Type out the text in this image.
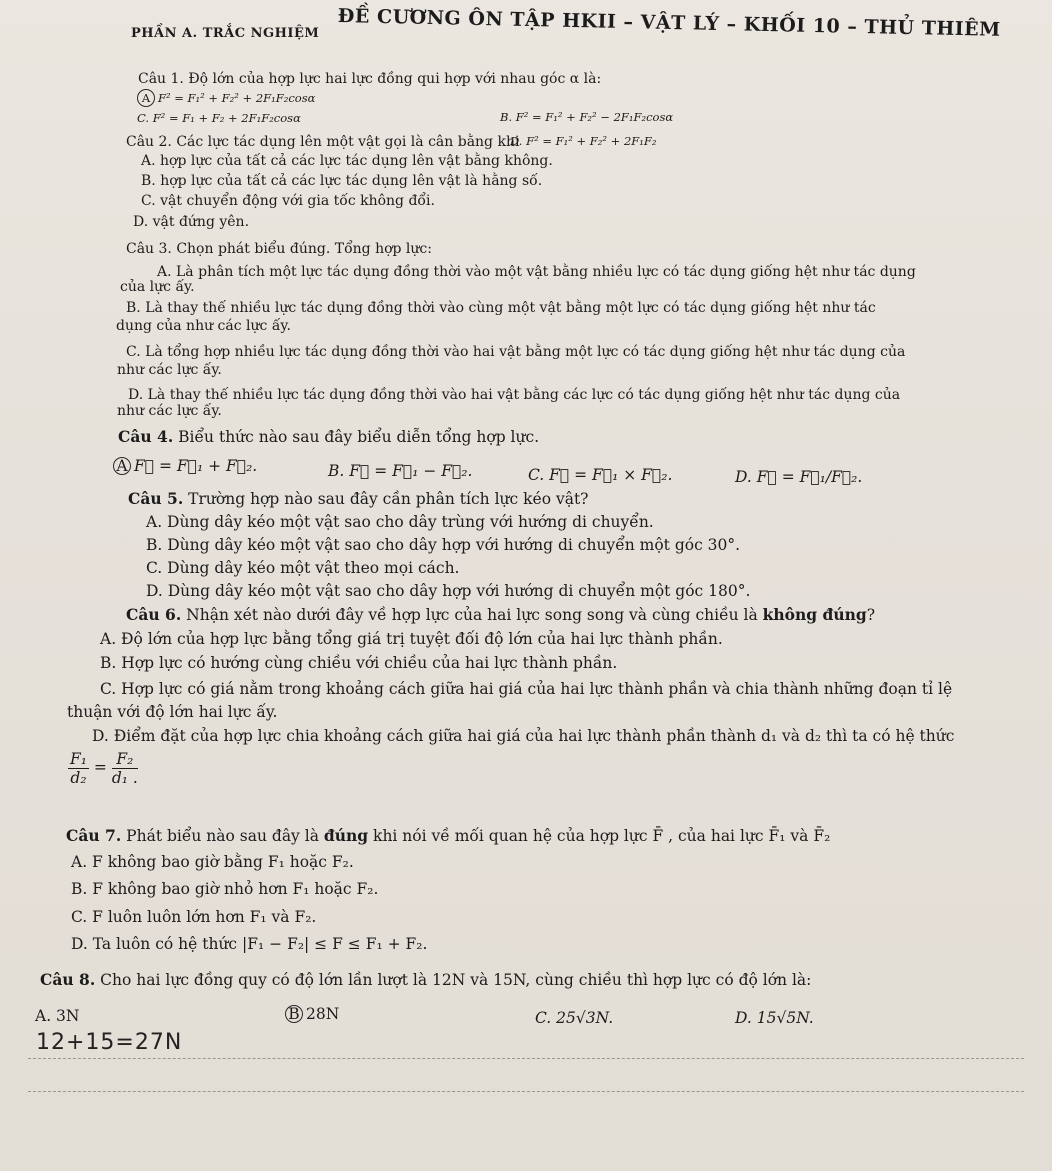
PHẦN A. TRẮC NGHIỆM ĐỀ CƯƠNG ÔN TẬP HKII – VẬT LÝ – KHỐI 10 – THỦ THIÊM
Câu 1. Độ lớn của hợp lực hai lực đồng qui hợp với nhau góc α là:
A F² = F₁² + F₂² + 2F₁F₂cosα
B. F² = F₁² + F₂² − 2F₁F₂cosα
C. F² = F₁ + F₂ + 2F₁F₂cosα
D. F² = F₁² + F₂² + 2F₁F₂
Câu 2. Các lực tác dụng lên một vật gọi là cân bằng khi
A. hợp lực của tất cả các lực tác dụng lên vật bằng không.
B. hợp lực của tất cả các lực tác dụng lên vật là hằng số.
C. vật chuyển động với gia tốc không đổi.
D. vật đứng yên.
Câu 3. Chọn phát biểu đúng. Tổng hợp lực:
A. Là phân tích một lực tác dụng đồng thời vào một vật bằng nhiều lực có tác dụng giống hệt như tác dụng
của lực ấy.
B. Là thay thế nhiều lực tác dụng đồng thời vào cùng một vật bằng một lực có tác dụng giống hệt như tác
dụng của như các lực ấy.
C. Là tổng hợp nhiều lực tác dụng đồng thời vào hai vật bằng một lực có tác dụng giống hệt như tác dụng của
như các lực ấy.
D. Là thay thế nhiều lực tác dụng đồng thời vào hai vật bằng các lực có tác dụng giống hệt như tác dụng của
như các lực ấy.
Câu 4. Biểu thức nào sau đây biểu diễn tổng hợp lực.
A F⃗ = F⃗₁ + F⃗₂.	B. F⃗ = F⃗₁ − F⃗₂.	C. F⃗ = F⃗₁ × F⃗₂.	D. F⃗ = F⃗₁/F⃗₂.
Câu 5. Trường hợp nào sau đây cần phân tích lực kéo vật?
A. Dùng dây kéo một vật sao cho dây trùng với hướng di chuyển.
B. Dùng dây kéo một vật sao cho dây hợp với hướng di chuyển một góc 30°.
C. Dùng dây kéo một vật theo mọi cách.
D. Dùng dây kéo một vật sao cho dây hợp với hướng di chuyển một góc 180°.
Câu 6. Nhận xét nào dưới đây về hợp lực của hai lực song song và cùng chiều là không đúng?
A. Độ lớn của hợp lực bằng tổng giá trị tuyệt đối độ lớn của hai lực thành phần.
B. Hợp lực có hướng cùng chiều với chiều của hai lực thành phần.
C. Hợp lực có giá nằm trong khoảng cách giữa hai giá của hai lực thành phần và chia thành những đoạn tỉ lệ
thuận với độ lớn hai lực ấy.
D. Điểm đặt của hợp lực chia khoảng cách giữa hai giá của hai lực thành phần thành d₁ và d₂ thì ta có hệ thức
$\frac{\text{F₁}}{\text{d₂}} = \frac{\text{F₂}}{\text{d₁ .}}$
Câu 7. Phát biểu nào sau đây là đúng khi nói về mối quan hệ của hợp lực F̄ , của hai lực F̄₁ và F̄₂
A. F không bao giờ bằng F₁ hoặc F₂.
B. F không bao giờ nhỏ hơn F₁ hoặc F₂.
C. F luôn luôn lớn hơn F₁ và F₂.
D. Ta luôn có hệ thức |F₁ − F₂| ≤ F ≤ F₁ + F₂.
Câu 8. Cho hai lực đồng quy có độ lớn lần lượt là 12N và 15N, cùng chiều thì hợp lực có độ lớn là:
A. 3N	B 28N	C. 25√3N.	D. 15√5N.
12+15=27N
